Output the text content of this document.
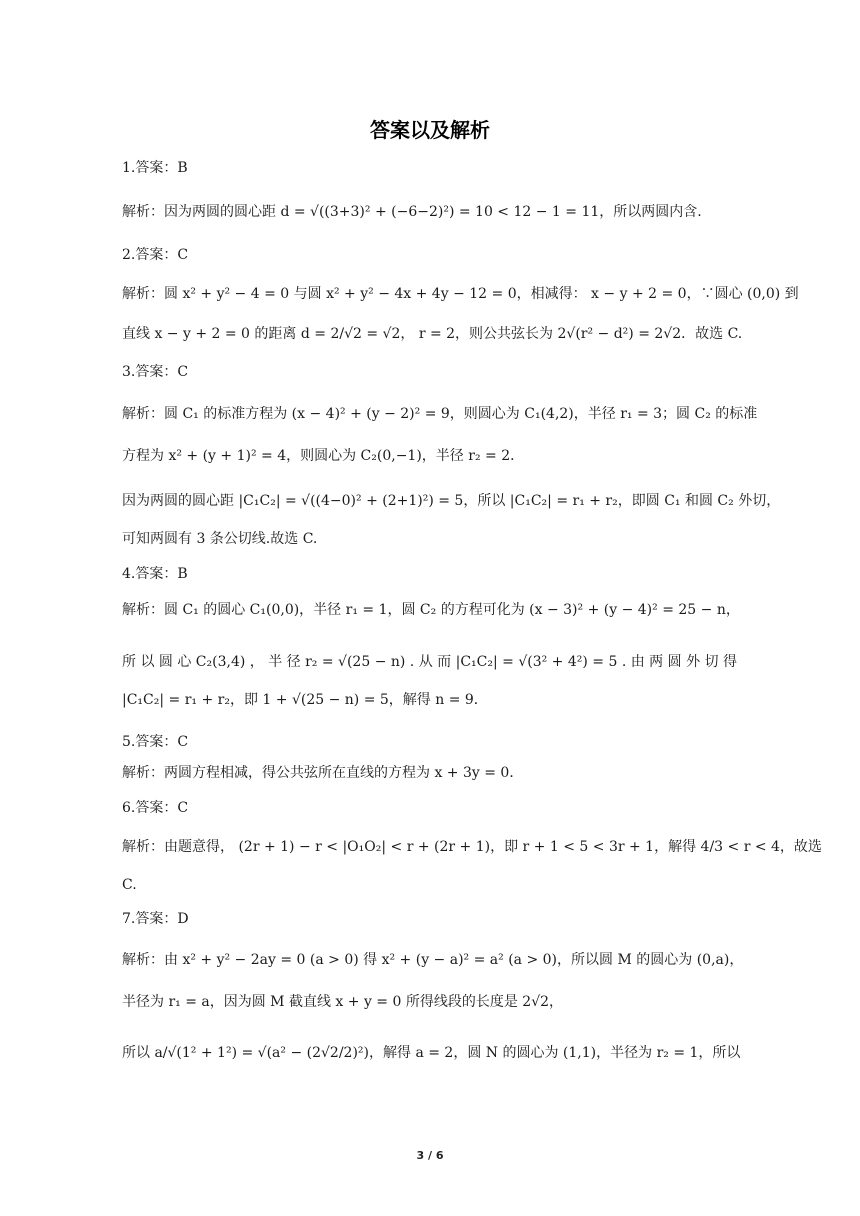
答案以及解析
1.答案：B
解析：因为两圆的圆心距 d = √((3+3)² + (−6−2)²) = 10 < 12 − 1 = 11，所以两圆内含.
2.答案：C
解析：圆 x² + y² − 4 = 0 与圆 x² + y² − 4x + 4y − 12 = 0，相减得： x − y + 2 = 0，∵圆心 (0,0) 到
直线 x − y + 2 = 0 的距离 d = 2/√2 = √2， r = 2，则公共弦长为 2√(r² − d²) = 2√2．故选 C.
3.答案：C
解析：圆 C₁ 的标准方程为 (x − 4)² + (y − 2)² = 9，则圆心为 C₁(4,2)，半径 r₁ = 3；圆 C₂ 的标准
方程为 x² + (y + 1)² = 4，则圆心为 C₂(0,−1)，半径 r₂ = 2．
因为两圆的圆心距 |C₁C₂| = √((4−0)² + (2+1)²) = 5，所以 |C₁C₂| = r₁ + r₂，即圆 C₁ 和圆 C₂ 外切，
可知两圆有 3 条公切线.故选 C.
4.答案：B
解析：圆 C₁ 的圆心 C₁(0,0)，半径 r₁ = 1，圆 C₂ 的方程可化为 (x − 3)² + (y − 4)² = 25 − n，
所 以 圆 心 C₂(3,4) ， 半 径 r₂ = √(25 − n) . 从 而 |C₁C₂| = √(3² + 4²) = 5 . 由 两 圆 外 切 得
|C₁C₂| = r₁ + r₂，即 1 + √(25 − n) = 5，解得 n = 9．
5.答案：C
解析：两圆方程相减，得公共弦所在直线的方程为 x + 3y = 0．
6.答案：C
解析：由题意得， (2r + 1) − r < |O₁O₂| < r + (2r + 1)，即 r + 1 < 5 < 3r + 1，解得 4/3 < r < 4，故选
C.
7.答案：D
解析：由 x² + y² − 2ay = 0 (a > 0) 得 x² + (y − a)² = a² (a > 0)，所以圆 M 的圆心为 (0,a)，
半径为 r₁ = a，因为圆 M 截直线 x + y = 0 所得线段的长度是 2√2，
所以 a/√(1² + 1²) = √(a² − (2√2/2)²)，解得 a = 2，圆 N 的圆心为 (1,1)，半径为 r₂ = 1，所以
3 / 6
